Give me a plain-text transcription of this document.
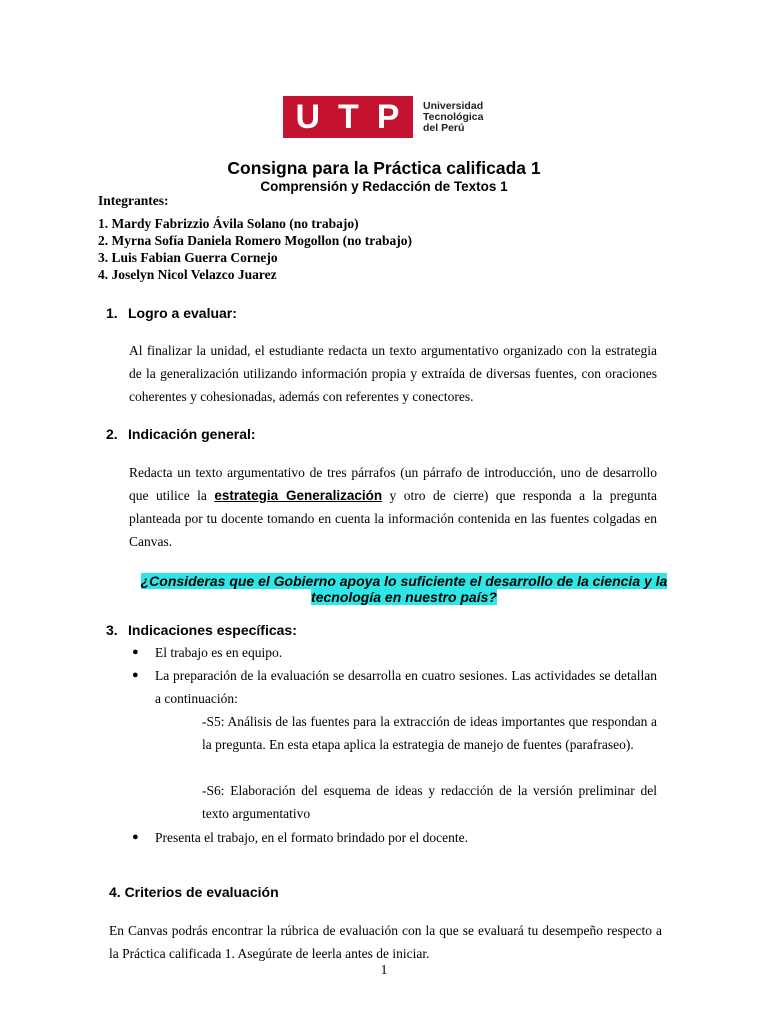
U T P Universidad
Tecnológica
del Perú
Consigna para la Práctica calificada 1
Comprensión y Redacción de Textos 1
Integrantes:
1. Mardy Fabrizzio Ávila Solano (no trabajo)
2. Myrna Sofía Daniela Romero Mogollon (no trabajo)
3. Luis Fabian Guerra Cornejo
4. Joselyn Nicol Velazco Juarez
1. Logro a evaluar:
Al finalizar la unidad, el estudiante redacta un texto argumentativo organizado con la estrategia de la generalización utilizando información propia y extraída de diversas fuentes, con oraciones coherentes y cohesionadas, además con referentes y conectores.
2. Indicación general:
Redacta un texto argumentativo de tres párrafos (un párrafo de introducción, uno de desarrollo que utilice la estrategia Generalización y otro de cierre) que responda a la pregunta planteada por tu docente tomando en cuenta la información contenida en las fuentes colgadas en Canvas.
¿Consideras que el Gobierno apoya lo suficiente el desarrollo de la ciencia y la tecnología en nuestro país?
3. Indicaciones específicas:
● El trabajo es en equipo.
● La preparación de la evaluación se desarrolla en cuatro sesiones. Las actividades se detallan a continuación:
-S5: Análisis de las fuentes para la extracción de ideas importantes que respondan a la pregunta. En esta etapa aplica la estrategia de manejo de fuentes (parafraseo).
-S6: Elaboración del esquema de ideas y redacción de la versión preliminar del texto argumentativo
● Presenta el trabajo, en el formato brindado por el docente.
4. Criterios de evaluación
En Canvas podrás encontrar la rúbrica de evaluación con la que se evaluará tu desempeño respecto a la Práctica calificada 1. Asegúrate de leerla antes de iniciar.
1
